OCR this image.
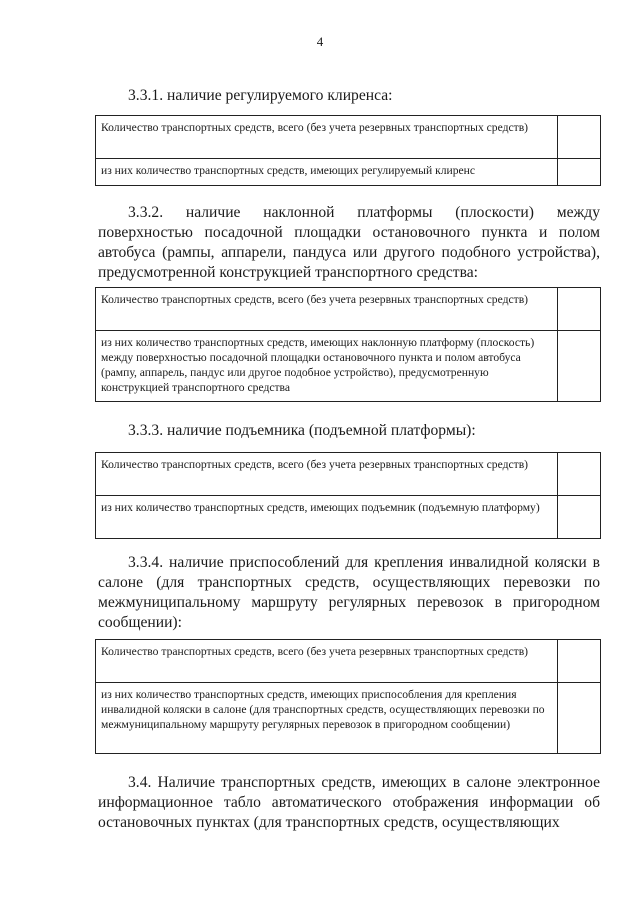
4
3.3.1. наличие регулируемого клиренса:
Количество транспортных средств, всего (без учета резервных транспортных средств)	
из них количество транспортных средств, имеющих регулируемый клиренс	
3.3.2. наличие наклонной платформы (плоскости) между поверхностью посадочной площадки остановочного пункта и полом автобуса (рампы, аппарели, пандуса или другого подобного устройства), предусмотренной конструкцией транспортного средства:
Количество транспортных средств, всего (без учета резервных транспортных средств)	
из них количество транспортных средств, имеющих наклонную платформу (плоскость) между поверхностью посадочной площадки остановочного пункта и полом автобуса (рампу, аппарель, пандус или другое подобное устройство), предусмотренную конструкцией транспортного средства	
3.3.3. наличие подъемника (подъемной платформы):
Количество транспортных средств, всего (без учета резервных транспортных средств)	
из них количество транспортных средств, имеющих подъемник (подъемную платформу)	
3.3.4. наличие приспособлений для крепления инвалидной коляски в салоне (для транспортных средств, осуществляющих перевозки по межмуниципальному маршруту регулярных перевозок в пригородном сообщении):
Количество транспортных средств, всего (без учета резервных транспортных средств)	
из них количество транспортных средств, имеющих приспособления для крепления инвалидной коляски в салоне (для транспортных средств, осуществляющих перевозки по межмуниципальному маршруту регулярных перевозок в пригородном сообщении)	
3.4. Наличие транспортных средств, имеющих в салоне электронное информационное табло автоматического отображения информации об остановочных пунктах (для транспортных средств, осуществляющих
